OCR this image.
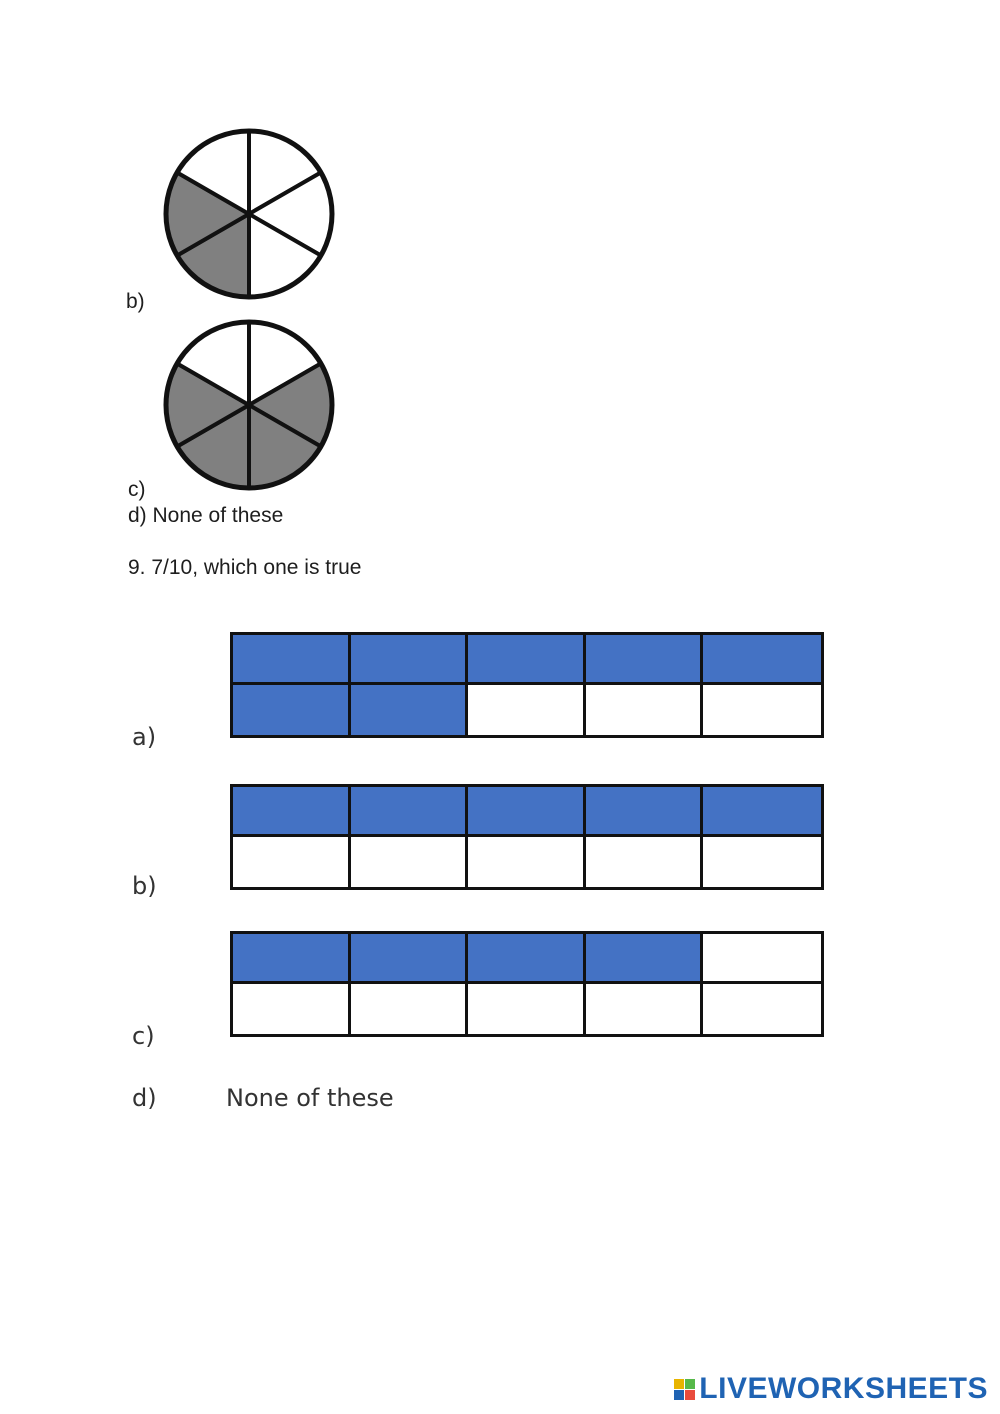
b)
c)
d) None of these
9. 7/10, which one is true
a)
b)
c)
d)	None of these
LIVEWORKSHEETS
